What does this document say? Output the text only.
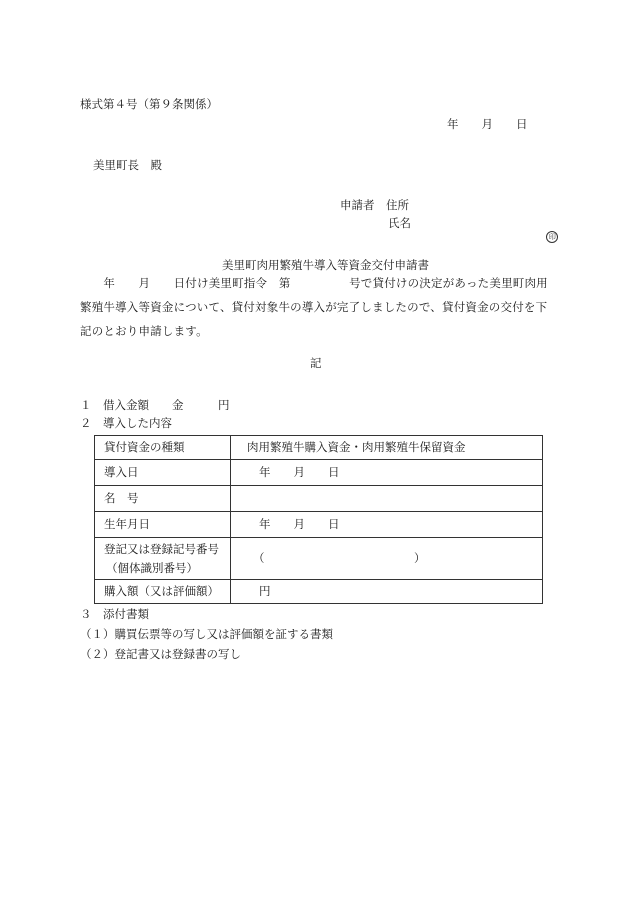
様式第４号（第９条関係）
年　　月　　日
美里町長　殿
申請者　住所
氏名

印

美里町肉用繁殖牛導入等資金交付申請書
　　年　　月　　日付け美里町指令　第　　　　　号で貸付けの決定があった美里町肉用
繁殖牛導入等資金について、貸付対象牛の導入が完了しましたので、貸付資金の交付を下
記のとおり申請します。
記
１　借入金額　　金　　　円
２　導入した内容
貸付資金の種類	肉用繁殖牛購入資金・肉用繁殖牛保留資金
導入日	年　　月　　日
名　号	
生年月日	年　　月　　日
登記又は登録記号番号
（個体識別番号）	（　　　　　　　　　　　　　）
購入額（又は評価額）	円
３　添付書類
（１）購買伝票等の写し又は評価額を証する書類
（２）登記書又は登録書の写し
